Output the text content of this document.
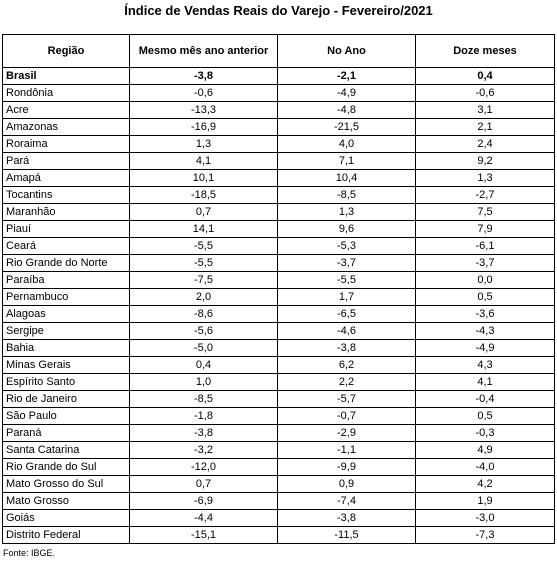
Índice de Vendas Reais do Varejo - Fevereiro/2021
Região	Mesmo mês ano anterior	No Ano	Doze meses
Brasil	-3,8	-2,1	0,4
Rondônia	-0,6	-4,9	-0,6
Acre	-13,3	-4,8	3,1
Amazonas	-16,9	-21,5	2,1
Roraima	1,3	4,0	2,4
Pará	4,1	7,1	9,2
Amapá	10,1	10,4	1,3
Tocantins	-18,5	-8,5	-2,7
Maranhão	0,7	1,3	7,5
Piauí	14,1	9,6	7,9
Ceará	-5,5	-5,3	-6,1
Rio Grande do Norte	-5,5	-3,7	-3,7
Paraíba	-7,5	-5,5	0,0
Pernambuco	2,0	1,7	0,5
Alagoas	-8,6	-6,5	-3,6
Sergipe	-5,6	-4,6	-4,3
Bahia	-5,0	-3,8	-4,9
Minas Gerais	0,4	6,2	4,3
Espírito Santo	1,0	2,2	4,1
Rio de Janeiro	-8,5	-5,7	-0,4
São Paulo	-1,8	-0,7	0,5
Paraná	-3,8	-2,9	-0,3
Santa Catarina	-3,2	-1,1	4,9
Rio Grande do Sul	-12,0	-9,9	-4,0
Mato Grosso do Sul	0,7	0,9	4,2
Mato Grosso	-6,9	-7,4	1,9
Goiás	-4,4	-3,8	-3,0
Distrito Federal	-15,1	-11,5	-7,3
Fonte: IBGE.
